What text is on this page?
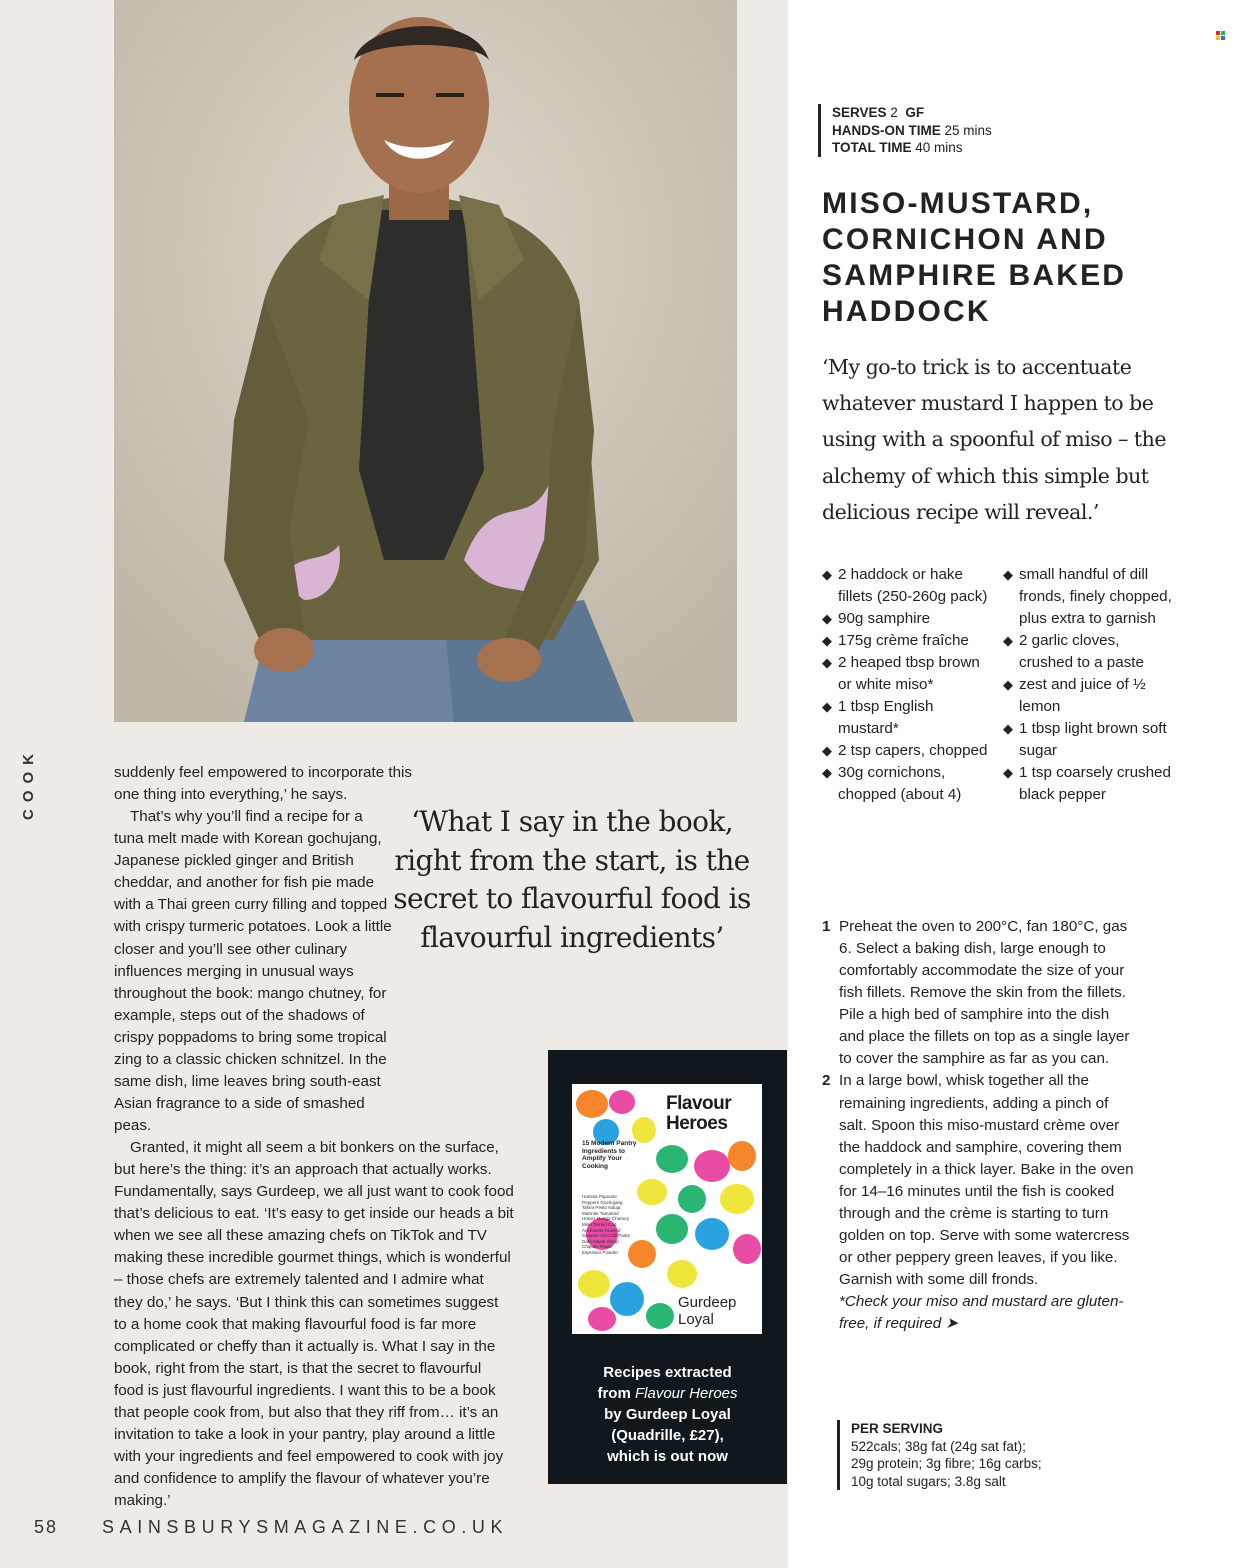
COOK	suddenly feel empowered to incorporate this one thing into everything,’ he says.

That’s why you’ll find a recipe for a tuna melt made with Korean gochujang, Japanese pickled ginger and British cheddar, and another for fish pie made with a Thai green curry filling and topped with crispy turmeric potatoes. Look a little closer and you’ll see other culinary influences merging in unusual ways throughout the book: mango chutney, for example, steps out of the shadows of crispy poppadoms to bring some tropical zing to a classic chicken schnitzel. In the same dish, lime leaves bring south-east Asian fragrance to a side of smashed peas.

Granted, it might all seem a bit bonkers on the surface, but here’s the thing: it’s an approach that actually works. Fundamentally, says Gurdeep, we all just want to cook food that’s delicious to eat. ‘It’s easy to get inside our heads a bit when we see all these amazing chefs on TikTok and TV making these incredible gourmet things, which is wonderful – those chefs are extremely talented and I admire what they do,’ he says. ‘But I think this can sometimes suggest to a home cook that making flavourful food is far more complicated or cheffy than it actually is. What I say in the book, right from the start, is that the secret to flavourful food is just flavourful ingredients. I want this to be a book that people cook from, but also that they riff from… it’s an invitation to take a look in your pantry, play around a little with your ingredients and feel empowered to cook with joy and confidence to amplify the flavour of whatever you’re making.’

‘What I say in the book, right from the start, is the secret to flavourful food is flavourful ingredients’
Flavour
Heroes
15 Modern Pantry Ingredients to Amplify Your Cooking
Harissa Piquante Peppers Gochujang Tahini Pesto Nduja Marmite Tamarind Honey Mango Chutney Miso Tinned Cod Anchovies Toasted Sesame Oil Chilli Paste Dark Maple Syrup Chipotle Paste Espresso Powder
Gurdeep
Loyal
Recipes extracted
from Flavour Heroes
by Gurdeep Loyal
(Quadrille, £27),
which is out now
SERVES 2 GF
HANDS-ON TIME 25 mins
TOTAL TIME 40 mins
MISO-MUSTARD,
CORNICHON AND
SAMPHIRE BAKED
HADDOCK
‘My go-to trick is to accentuate whatever mustard I happen to be using with a spoonful of miso – the alchemy of which this simple but delicious recipe will reveal.’
◆ 2 haddock or hake fillets (250-260g pack)
◆ 90g samphire
◆ 175g crème fraîche
◆ 2 heaped tbsp brown or white miso*
◆ 1 tbsp English mustard*
◆ 2 tsp capers, chopped
◆ 30g cornichons, chopped (about 4)
◆ small handful of dill fronds, finely chopped, plus extra to garnish
◆ 2 garlic cloves, crushed to a paste
◆ zest and juice of ½ lemon
◆ 1 tbsp light brown soft sugar
◆ 1 tsp coarsely crushed black pepper
1 Preheat the oven to 200°C, fan 180°C, gas 6. Select a baking dish, large enough to comfortably accommodate the size of your fish fillets. Remove the skin from the fillets. Pile a high bed of samphire into the dish and place the fillets on top as a single layer to cover the samphire as far as you can.
2 In a large bowl, whisk together all the remaining ingredients, adding a pinch of salt. Spoon this miso-mustard crème over the haddock and samphire, covering them completely in a thick layer. Bake in the oven for 14–16 minutes until the fish is cooked through and the crème is starting to turn golden on top. Serve with some watercress or other peppery green leaves, if you like. Garnish with some dill fronds.
*Check your miso and mustard are gluten-free, if required ➤
PER SERVING
522cals; 38g fat (24g sat fat);
29g protein; 3g fibre; 16g carbs;
10g total sugars; 3.8g salt
58 SAINSBURYSMAGAZINE.CO.UK
